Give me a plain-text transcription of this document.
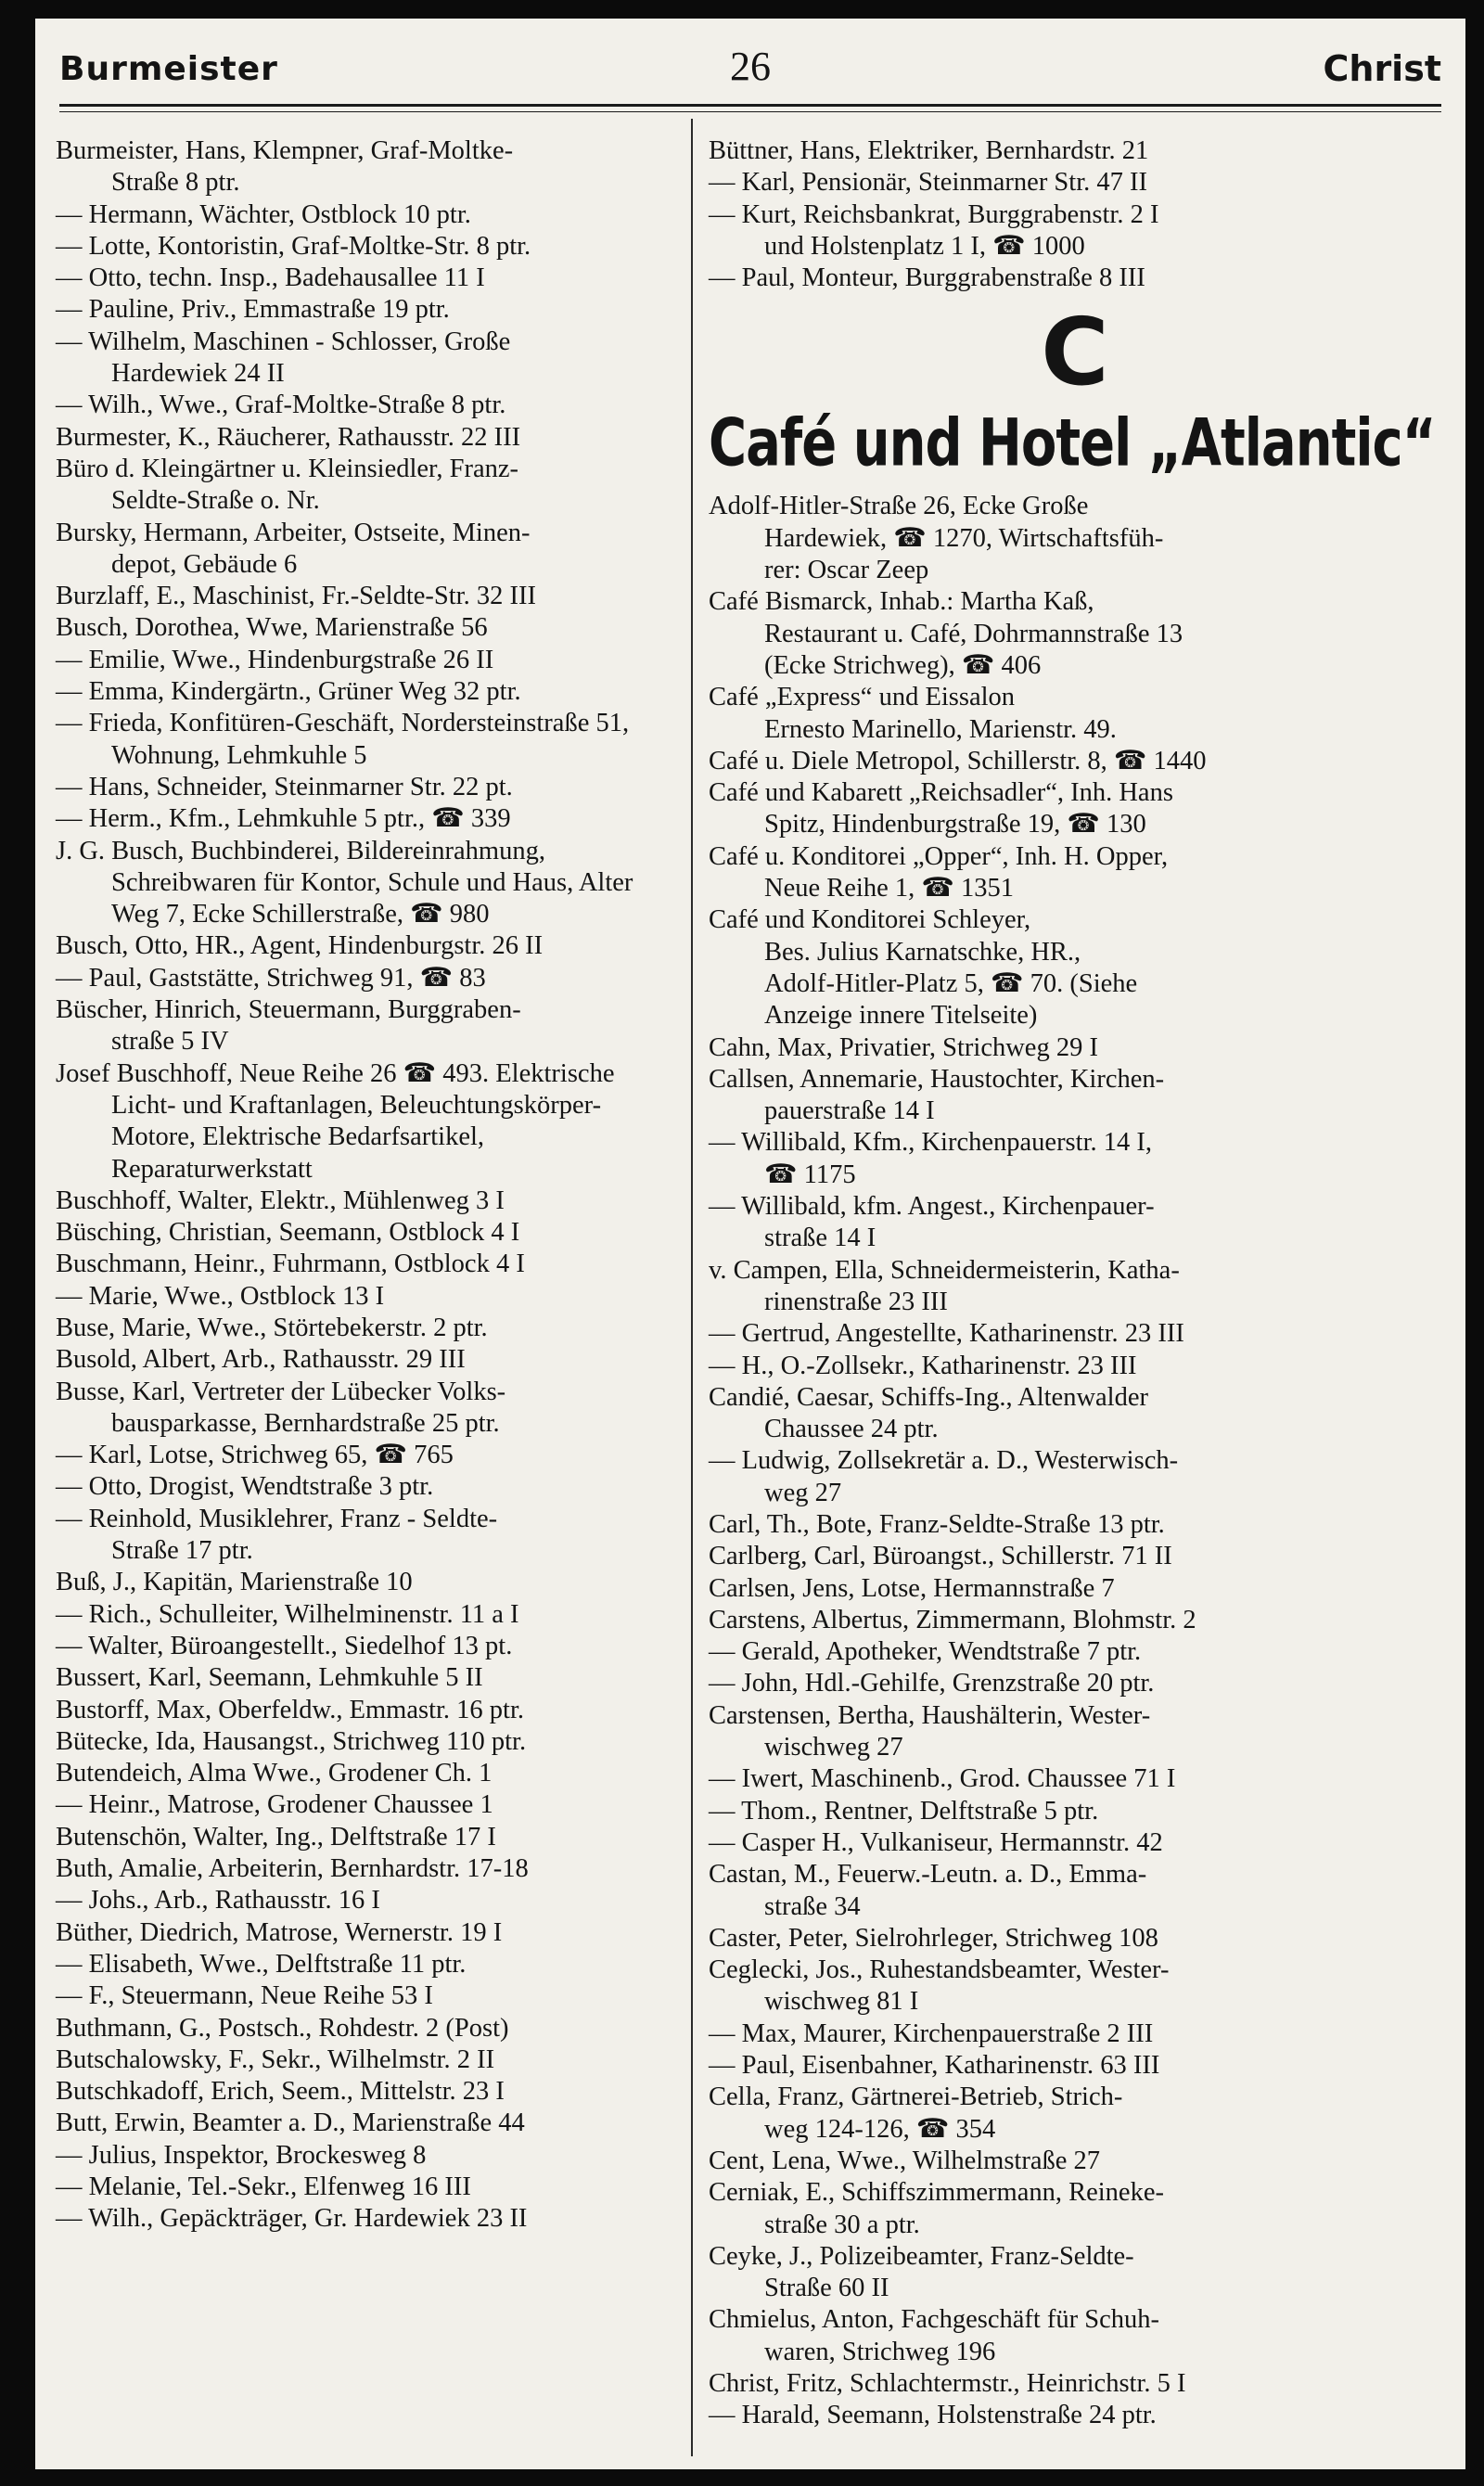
Burmeister	26	Christ
Burmeister, Hans, Klempner, Graf-Moltke-
Straße 8 ptr.
— Hermann, Wächter, Ostblock 10 ptr.
— Lotte, Kontoristin, Graf-Moltke-Str. 8 ptr.
— Otto, techn. Insp., Badehausallee 11 I
— Pauline, Priv., Emmastraße 19 ptr.
— Wilhelm, Maschinen - Schlosser, Große
Hardewiek 24 II
— Wilh., Wwe., Graf-Moltke-Straße 8 ptr.
Burmester, K., Räucherer, Rathausstr. 22 III
Büro d. Kleingärtner u. Kleinsiedler, Franz-
Seldte-Straße o. Nr.
Bursky, Hermann, Arbeiter, Ostseite, Minen-
depot, Gebäude 6
Burzlaff, E., Maschinist, Fr.-Seldte-Str. 32 III
Busch, Dorothea, Wwe, Marienstraße 56
— Emilie, Wwe., Hindenburgstraße 26 II
— Emma, Kindergärtn., Grüner Weg 32 ptr.
— Frieda, Konfitüren-Geschäft, Nordersteinstraße 51, Wohnung, Lehmkuhle 5
— Hans, Schneider, Steinmarner Str. 22 pt.
— Herm., Kfm., Lehmkuhle 5 ptr., ☎ 339
J. G. Busch, Buchbinderei, Bildereinrahmung, Schreibwaren für Kontor, Schule und Haus, Alter Weg 7, Ecke Schillerstraße, ☎ 980
Busch, Otto, HR., Agent, Hindenburgstr. 26 II
— Paul, Gaststätte, Strichweg 91, ☎ 83
Büscher, Hinrich, Steuermann, Burggraben-
straße 5 IV
Josef Buschhoff, Neue Reihe 26 ☎ 493. Elektrische Licht- und Kraftanlagen, Beleuchtungskörper-Motore, Elektrische Bedarfsartikel, Reparaturwerkstatt
Buschhoff, Walter, Elektr., Mühlenweg 3 I
Büsching, Christian, Seemann, Ostblock 4 I
Buschmann, Heinr., Fuhrmann, Ostblock 4 I
— Marie, Wwe., Ostblock 13 I
Buse, Marie, Wwe., Störtebekerstr. 2 ptr.
Busold, Albert, Arb., Rathausstr. 29 III
Busse, Karl, Vertreter der Lübecker Volks-
bausparkasse, Bernhardstraße 25 ptr.
— Karl, Lotse, Strichweg 65, ☎ 765
— Otto, Drogist, Wendtstraße 3 ptr.
— Reinhold, Musiklehrer, Franz - Seldte-
Straße 17 ptr.
Buß, J., Kapitän, Marienstraße 10
— Rich., Schulleiter, Wilhelminenstr. 11 a I
— Walter, Büroangestellt., Siedelhof 13 pt.
Bussert, Karl, Seemann, Lehmkuhle 5 II
Bustorff, Max, Oberfeldw., Emmastr. 16 ptr.
Bütecke, Ida, Hausangst., Strichweg 110 ptr.
Butendeich, Alma Wwe., Grodener Ch. 1
— Heinr., Matrose, Grodener Chaussee 1
Butenschön, Walter, Ing., Delftstraße 17 I
Buth, Amalie, Arbeiterin, Bernhardstr. 17-18
— Johs., Arb., Rathausstr. 16 I
Büther, Diedrich, Matrose, Wernerstr. 19 I
— Elisabeth, Wwe., Delftstraße 11 ptr.
— F., Steuermann, Neue Reihe 53 I
Buthmann, G., Postsch., Rohdestr. 2 (Post)
Butschalowsky, F., Sekr., Wilhelmstr. 2 II
Butschkadoff, Erich, Seem., Mittelstr. 23 I
Butt, Erwin, Beamter a. D., Marienstraße 44
— Julius, Inspektor, Brockesweg 8
— Melanie, Tel.-Sekr., Elfenweg 16 III
— Wilh., Gepäckträger, Gr. Hardewiek 23 II
Büttner, Hans, Elektriker, Bernhardstr. 21
— Karl, Pensionär, Steinmarner Str. 47 II
— Kurt, Reichsbankrat, Burggrabenstr. 2 I
und Holstenplatz 1 I, ☎ 1000
— Paul, Monteur, Burggrabenstraße 8 III
C
Café und Hotel „Atlantic“
Adolf-Hitler-Straße 26, Ecke Große
Hardewiek, ☎ 1270, Wirtschaftsfüh-
rer: Oscar Zeep
Café Bismarck, Inhab.: Martha Kaß,
Restaurant u. Café, Dohrmannstraße 13
(Ecke Strichweg), ☎ 406
Café „Express“ und Eissalon
Ernesto Marinello, Marienstr. 49.
Café u. Diele Metropol, Schillerstr. 8, ☎ 1440
Café und Kabarett „Reichsadler“, Inh. Hans
Spitz, Hindenburgstraße 19, ☎ 130
Café u. Konditorei „Opper“, Inh. H. Opper,
Neue Reihe 1, ☎ 1351
Café und Konditorei Schleyer,
Bes. Julius Karnatschke, HR.,
Adolf-Hitler-Platz 5, ☎ 70. (Siehe
Anzeige innere Titelseite)
Cahn, Max, Privatier, Strichweg 29 I
Callsen, Annemarie, Haustochter, Kirchen-
pauerstraße 14 I
— Willibald, Kfm., Kirchenpauerstr. 14 I,
☎ 1175
— Willibald, kfm. Angest., Kirchenpauer-
straße 14 I
v. Campen, Ella, Schneidermeisterin, Katha-
rinenstraße 23 III
— Gertrud, Angestellte, Katharinenstr. 23 III
— H., O.-Zollsekr., Katharinenstr. 23 III
Candié, Caesar, Schiffs-Ing., Altenwalder
Chaussee 24 ptr.
— Ludwig, Zollsekretär a. D., Westerwisch-
weg 27
Carl, Th., Bote, Franz-Seldte-Straße 13 ptr.
Carlberg, Carl, Büroangst., Schillerstr. 71 II
Carlsen, Jens, Lotse, Hermannstraße 7
Carstens, Albertus, Zimmermann, Blohmstr. 2
— Gerald, Apotheker, Wendtstraße 7 ptr.
— John, Hdl.-Gehilfe, Grenzstraße 20 ptr.
Carstensen, Bertha, Haushälterin, Wester-
wischweg 27
— Iwert, Maschinenb., Grod. Chaussee 71 I
— Thom., Rentner, Delftstraße 5 ptr.
— Casper H., Vulkaniseur, Hermannstr. 42
Castan, M., Feuerw.-Leutn. a. D., Emma-
straße 34
Caster, Peter, Sielrohrleger, Strichweg 108
Ceglecki, Jos., Ruhestandsbeamter, Wester-
wischweg 81 I
— Max, Maurer, Kirchenpauerstraße 2 III
— Paul, Eisenbahner, Katharinenstr. 63 III
Cella, Franz, Gärtnerei-Betrieb, Strich-
weg 124-126, ☎ 354
Cent, Lena, Wwe., Wilhelmstraße 27
Cerniak, E., Schiffszimmermann, Reineke-
straße 30 a ptr.
Ceyke, J., Polizeibeamter, Franz-Seldte-
Straße 60 II
Chmielus, Anton, Fachgeschäft für Schuh-
waren, Strichweg 196
Christ, Fritz, Schlachtermstr., Heinrichstr. 5 I
— Harald, Seemann, Holstenstraße 24 ptr.
